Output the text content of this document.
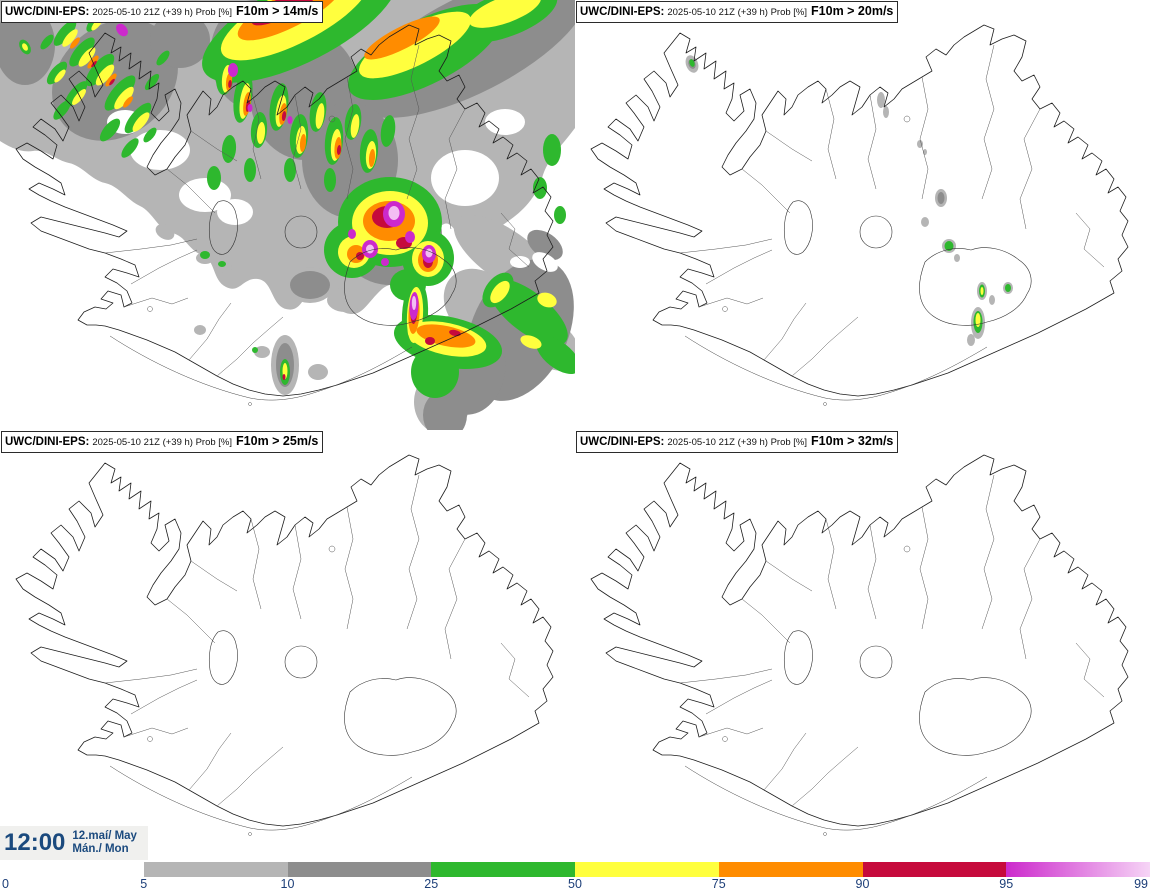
UWC/DINI-EPS: 2025-05-10 21Z (+39 h) Prob [%] F10m > 14m/s	UWC/DINI-EPS: 2025-05-10 21Z (+39 h) Prob [%] F10m > 20m/s
UWC/DINI-EPS: 2025-05-10 21Z (+39 h) Prob [%] F10m > 25m/s	UWC/DINI-EPS: 2025-05-10 21Z (+39 h) Prob [%] F10m > 32m/s
12:00 12.maí/ May
Mán./ Mon
0	5	10	25	50	75	90	95	99
